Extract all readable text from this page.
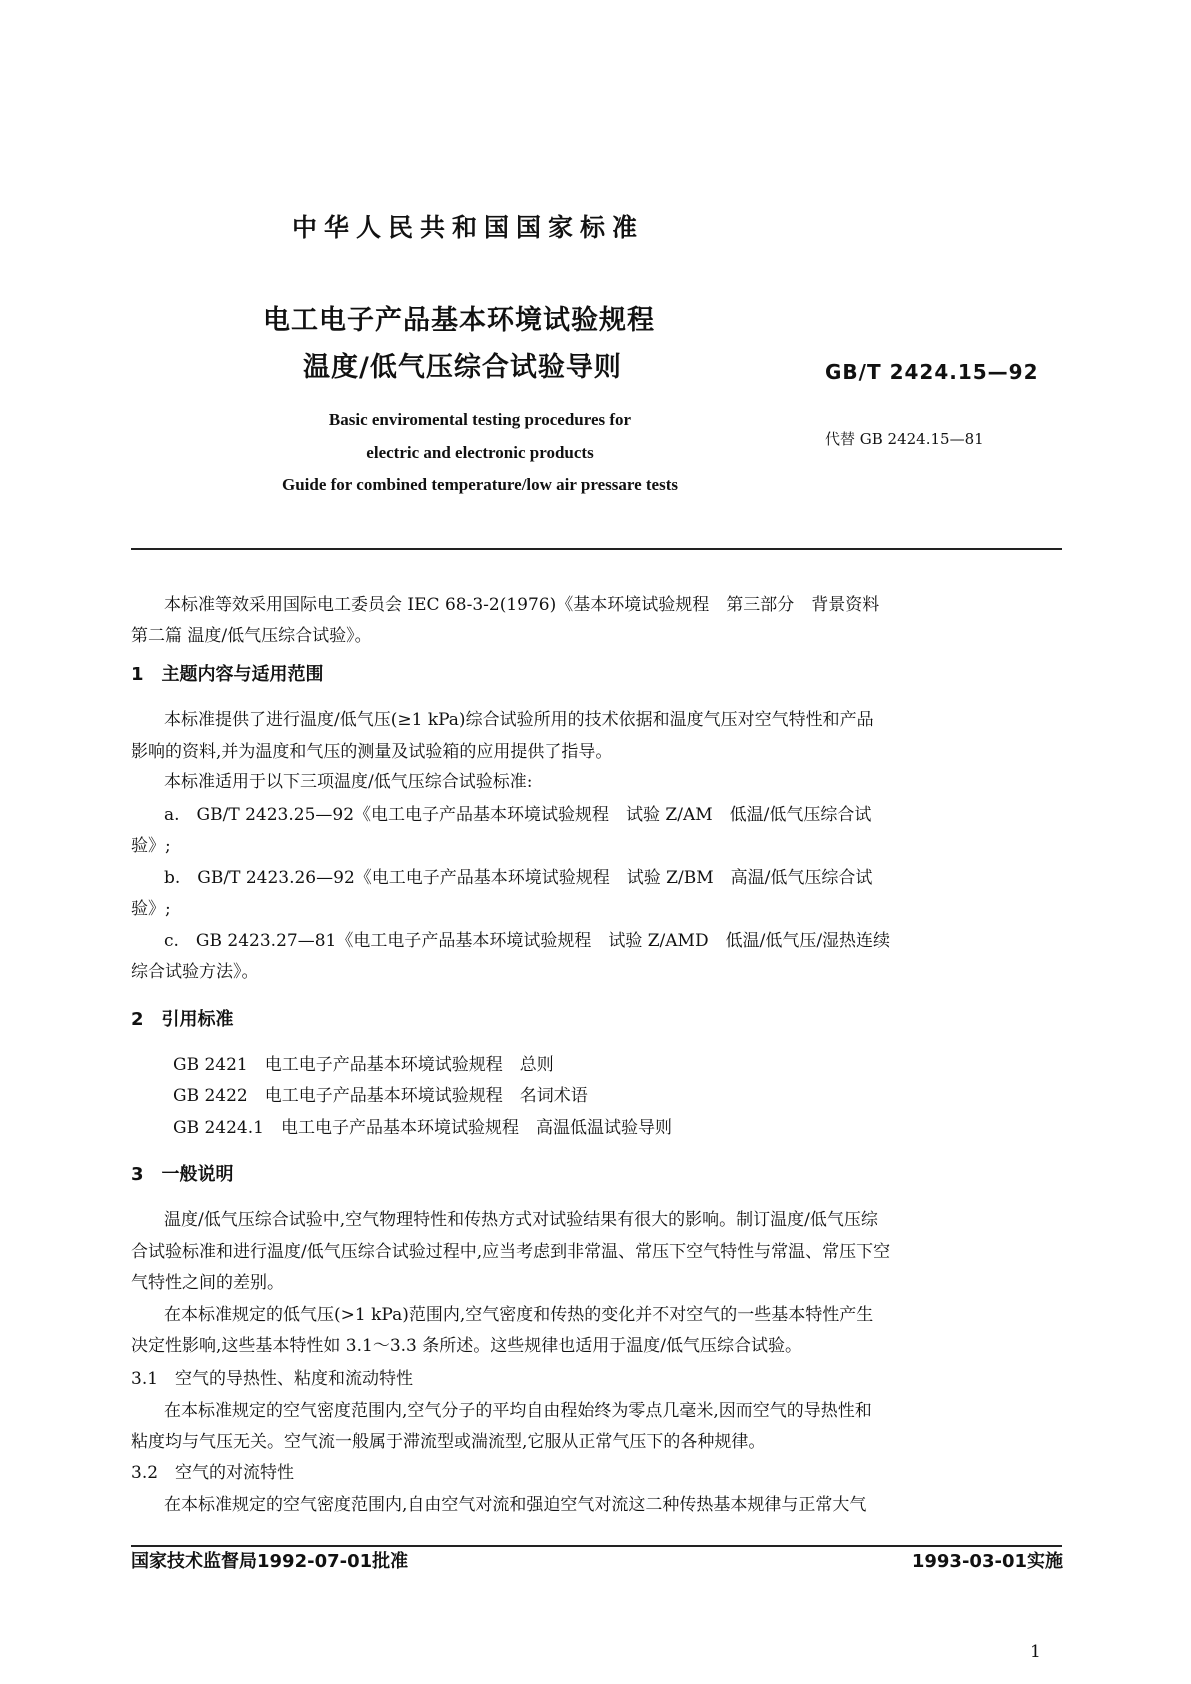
中华人民共和国国家标准
电工电子产品基本环境试验规程
温度/低气压综合试验导则	GB/T 2424.15—92
代替 GB 2424.15—81
Basic enviromental testing procedures for
electric and electronic products
Guide for combined temperature/low air pressare tests
本标准等效采用国际电工委员会 IEC 68-3-2(1976)《基本环境试验规程　第三部分　背景资料
第二篇 温度/低气压综合试验》。
1　主题内容与适用范围
本标准提供了进行温度/低气压(≥1 kPa)综合试验所用的技术依据和温度气压对空气特性和产品
影响的资料,并为温度和气压的测量及试验箱的应用提供了指导。
本标准适用于以下三项温度/低气压综合试验标准:
a.　GB/T 2423.25—92《电工电子产品基本环境试验规程　试验 Z/AM　低温/低气压综合试
验》;
b.　GB/T 2423.26—92《电工电子产品基本环境试验规程　试验 Z/BM　高温/低气压综合试
验》;
c.　GB 2423.27—81《电工电子产品基本环境试验规程　试验 Z/AMD　低温/低气压/湿热连续
综合试验方法》。
2　引用标准
GB 2421　电工电子产品基本环境试验规程　总则
GB 2422　电工电子产品基本环境试验规程　名词术语
GB 2424.1　电工电子产品基本环境试验规程　高温低温试验导则
3　一般说明
温度/低气压综合试验中,空气物理特性和传热方式对试验结果有很大的影响。制订温度/低气压综
合试验标准和进行温度/低气压综合试验过程中,应当考虑到非常温、常压下空气特性与常温、常压下空
气特性之间的差别。
在本标准规定的低气压(>1 kPa)范围内,空气密度和传热的变化并不对空气的一些基本特性产生
决定性影响,这些基本特性如 3.1～3.3 条所述。这些规律也适用于温度/低气压综合试验。
3.1　空气的导热性、粘度和流动特性
在本标准规定的空气密度范围内,空气分子的平均自由程始终为零点几毫米,因而空气的导热性和
粘度均与气压无关。空气流一般属于滞流型或湍流型,它服从正常气压下的各种规律。
3.2　空气的对流特性
在本标准规定的空气密度范围内,自由空气对流和强迫空气对流这二种传热基本规律与正常大气
国家技术监督局1992-07-01批准	1993-03-01实施
1
